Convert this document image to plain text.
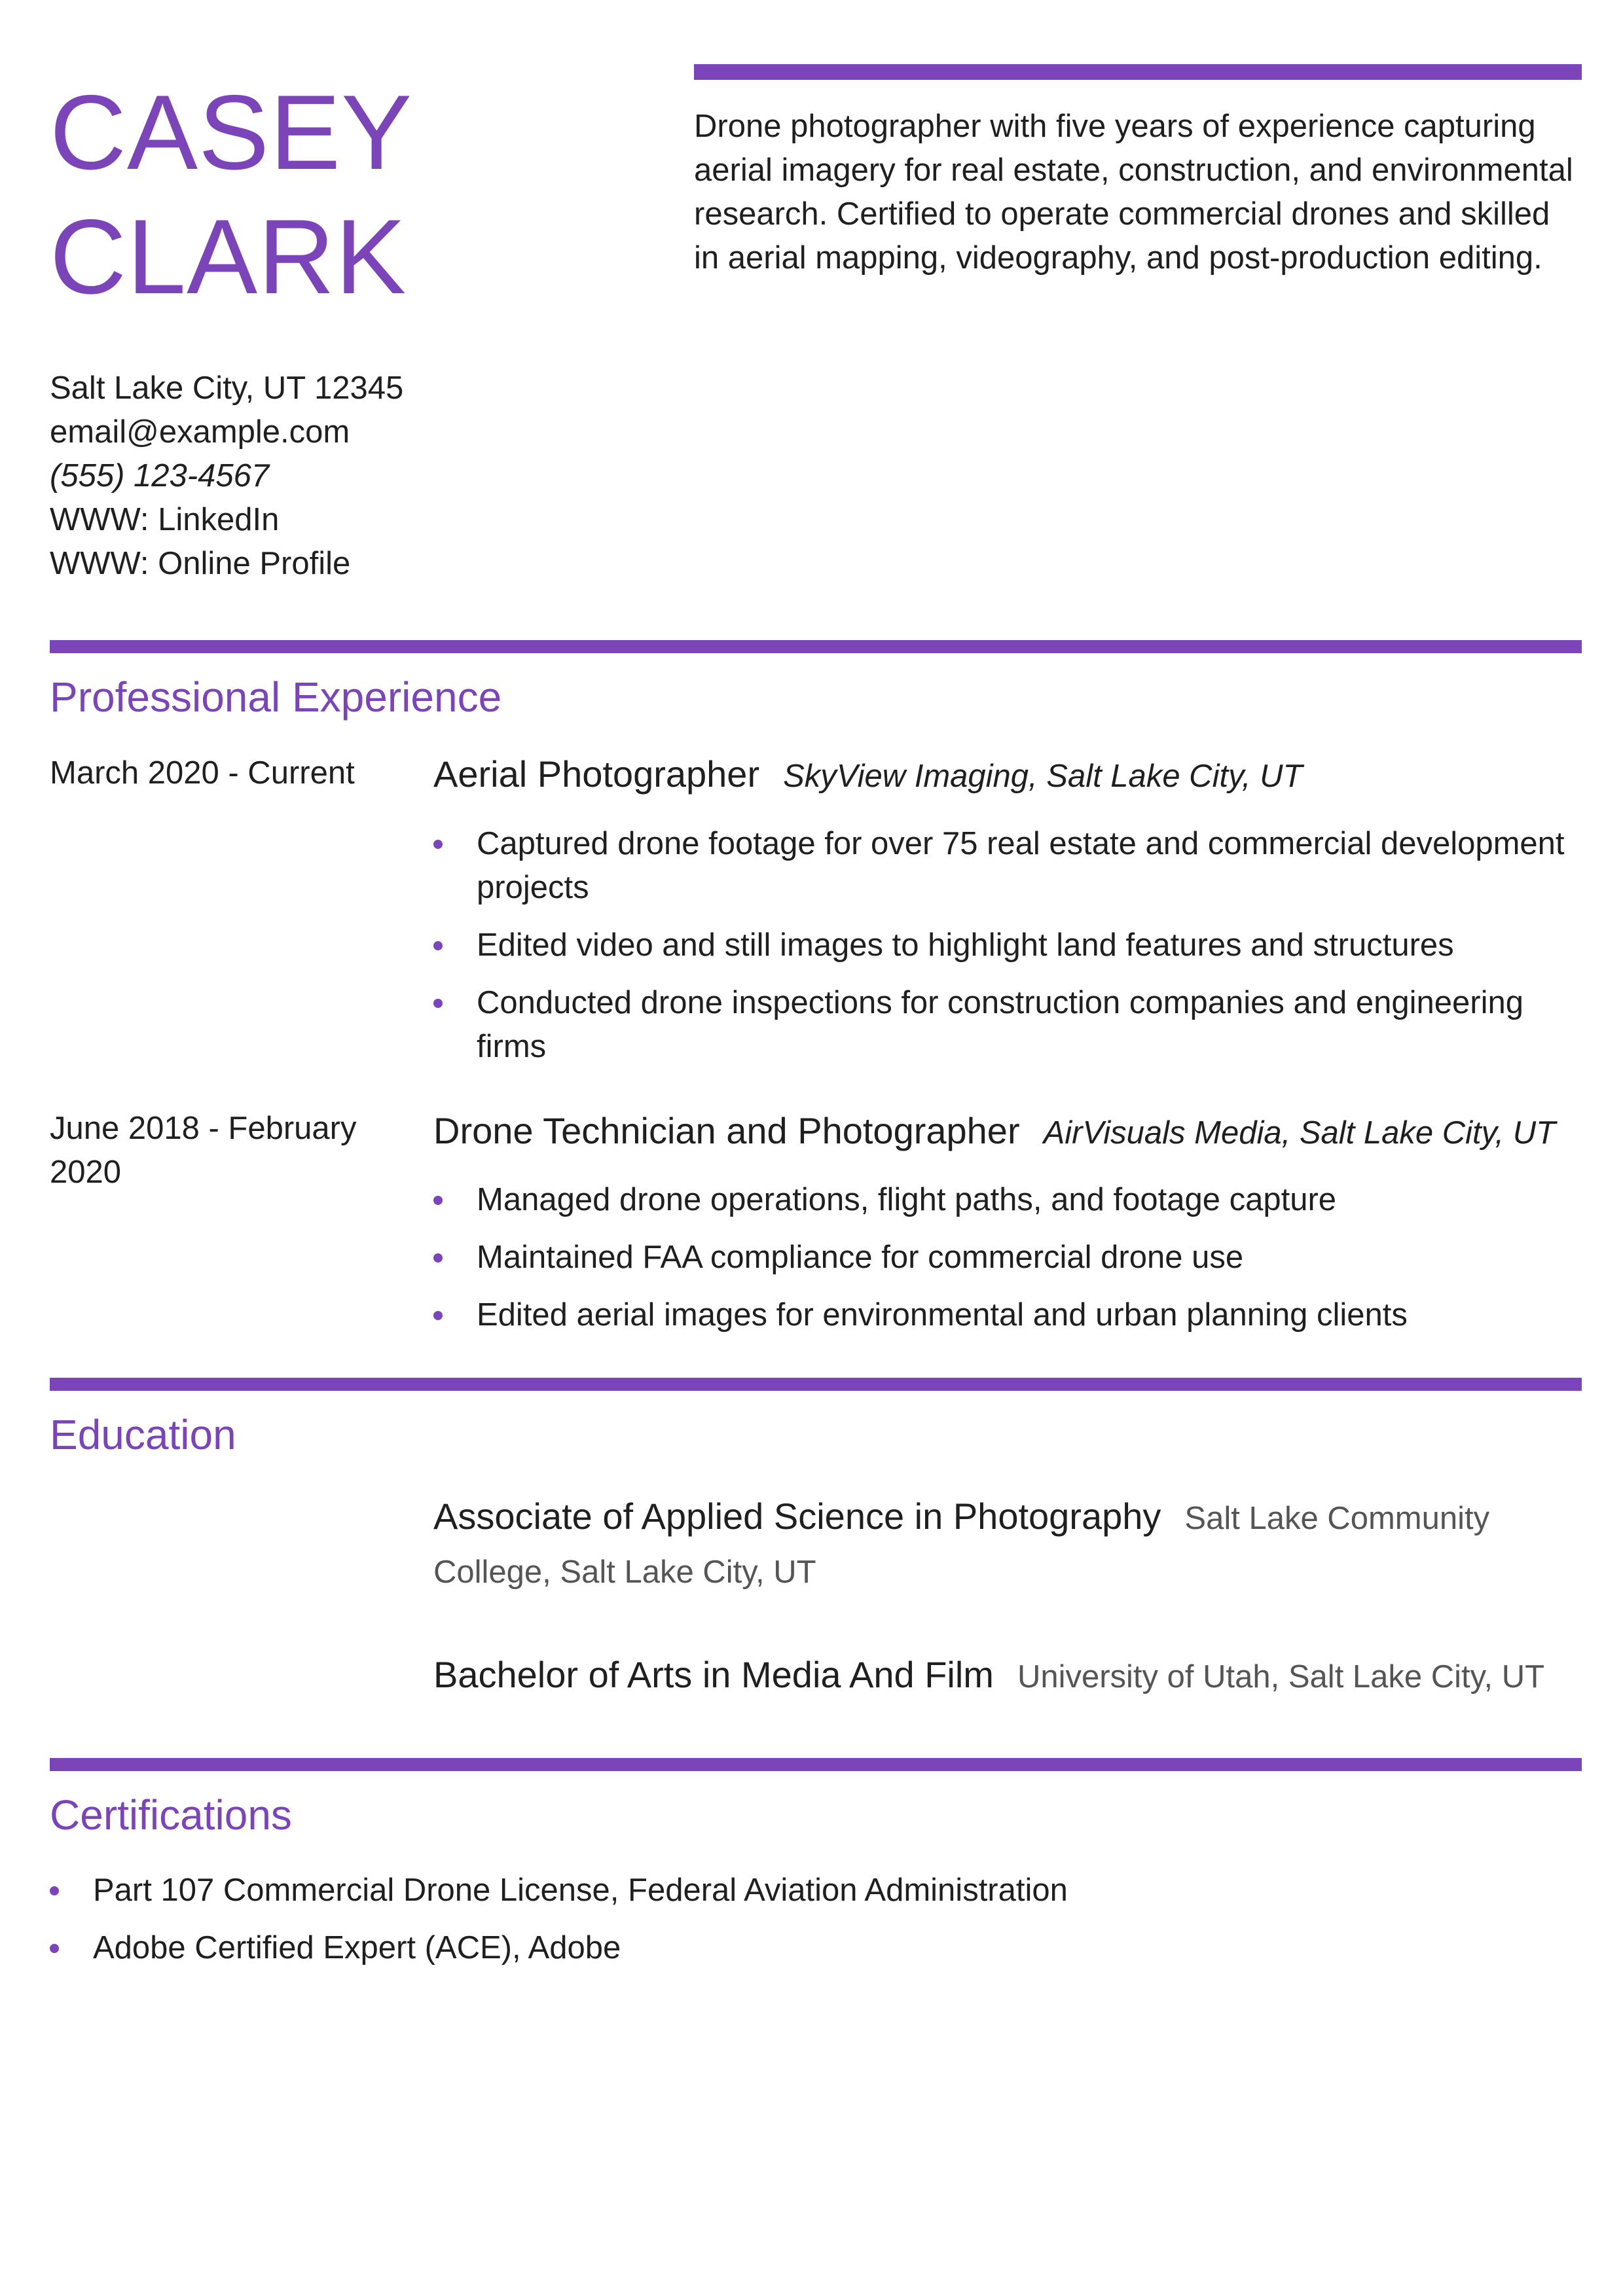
CASEY
CLARK
Drone photographer with five years of experience capturing aerial imagery for real estate, construction, and environmental research. Certified to operate commercial drones and skilled in aerial mapping, videography, and post-production editing.
Salt Lake City, UT 12345
email@example.com
(555) 123-4567
WWW: LinkedIn
WWW: Online Profile
Professional Experience
March 2020 - Current	Aerial Photographer SkyView Imaging, Salt Lake City, UT
Captured drone footage for over 75 real estate and commercial development projects
Edited video and still images to highlight land features and structures
Conducted drone inspections for construction companies and engineering firms
June 2018 - February 2020
Drone Technician and Photographer AirVisuals Media, Salt Lake City, UT
Managed drone operations, flight paths, and footage capture
Maintained FAA compliance for commercial drone use
Edited aerial images for environmental and urban planning clients
Education
Associate of Applied Science in Photography Salt Lake Community College, Salt Lake City, UT
Bachelor of Arts in Media And Film University of Utah, Salt Lake City, UT
Certifications
Part 107 Commercial Drone License, Federal Aviation Administration
Adobe Certified Expert (ACE), Adobe
